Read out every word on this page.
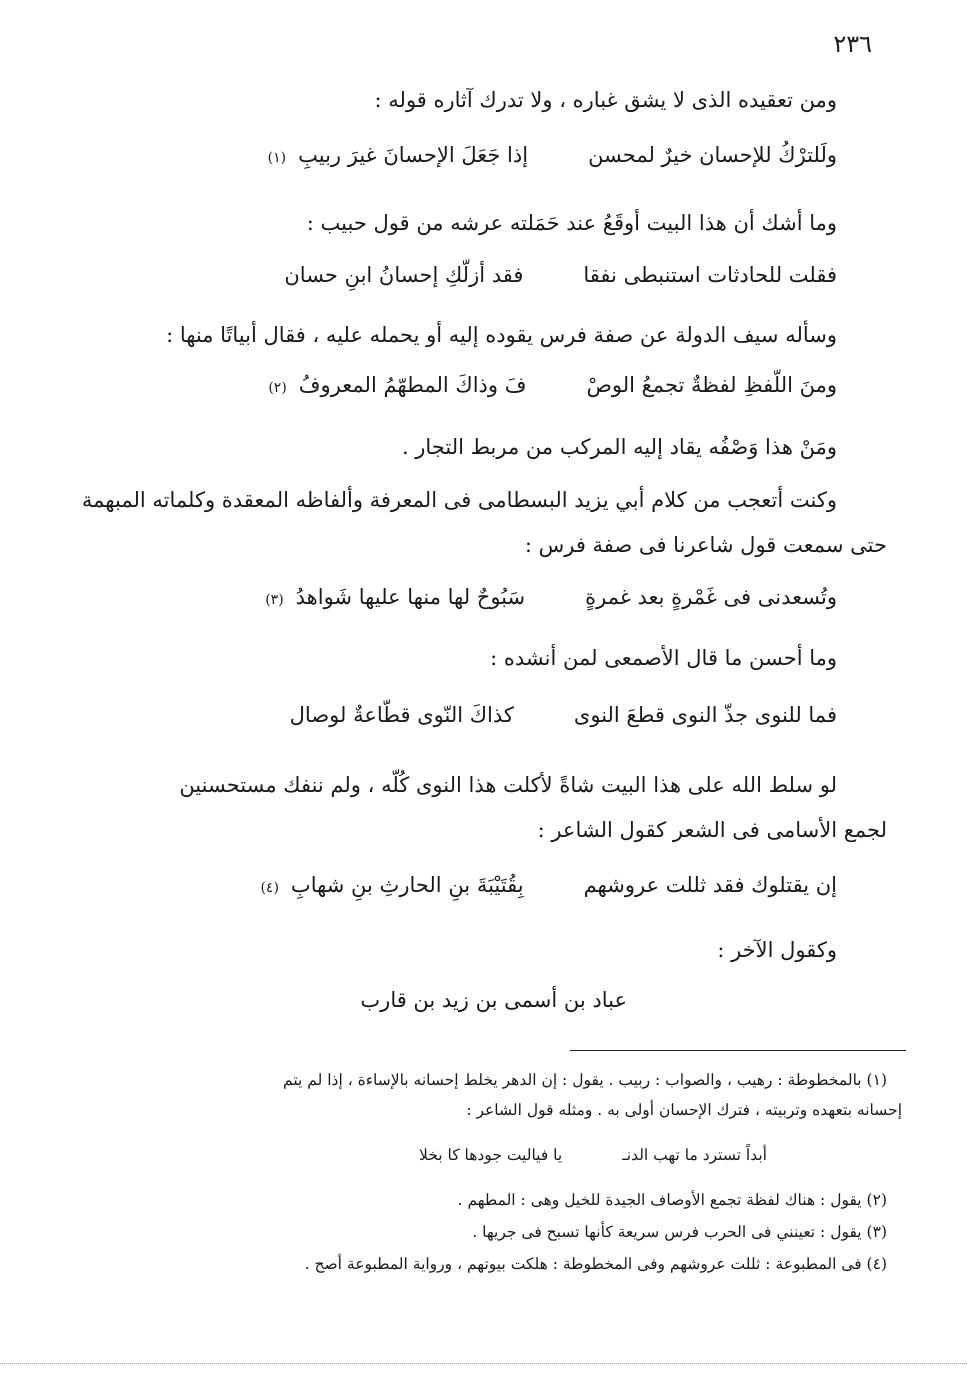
٢٣٦
ومن تعقيده الذى لا يشق غباره ، ولا تدرك آثاره قوله :
ولَلترْكُ للإحسان خيرٌ لمحسن
إذا جَعَلَ الإحسانَ غيرَ ربيبِ
(١)
وما أشك أن هذا البيت أوقَعُ عند حَمَلته عرشه من قول حبيب :
فقلت للحادثات استنبطى نفقا
فقد أزلّكِ إحسانُ ابنِ حسان
وسأله سيف الدولة عن صفة فرس يقوده إليه أو يحمله عليه ، فقال أبياتًا منها :
ومنَ اللّفظِ لفظةٌ تجمعُ الوصْ
فَ وذاكَ المطهّمُ المعروفُ
(٢)
ومَنْ هذا وَصْفُه يقاد إليه المركب من مربط التجار .
وكنت أتعجب من كلام أبي يزيد البسطامى فى المعرفة وألفاظه المعقدة وكلماته المبهمة
حتى سمعت قول شاعرنا فى صفة فرس :
وتُسعدنى فى غَمْرةٍ بعد غمرةٍ
سَبُوحٌ لها منها عليها شَواهدُ
(٣)
وما أحسن ما قال الأصمعى لمن أنشده :
فما للنوى جذّ النوى قطعَ النوى
كذاكَ النّوى قطّاعةٌ لوصال
لو سلط الله على هذا البيت شاةً لأكلت هذا النوى كُلّه ، ولم ننفك مستحسنين
لجمع الأسامى فى الشعر كقول الشاعر :
إن يقتلوك فقد ثللت عروشهم
بِقُتَيْبَةَ بنِ الحارثِ بنِ شهابِ
(٤)
وكقول الآخر :
عباد بن أسمى بن زيد بن قارب
(١) بالمخطوطة : رهيب ، والصواب : ربيب . يقول : إن الدهر يخلط إحسانه بالإساءة ، إذا لم يتم
إحسانه بتعهده وتربيته ، فترك الإحسان أولى به . ومثله قول الشاعر :
أبداً تسترد ما تهب الدنـ
يا فياليت جودها كا بخلا
(٢) يقول : هناك لفظة تجمع الأوصاف الجيدة للخيل وهى : المطهم .
(٣) يقول : تعينني فى الحرب فرس سريعة كأنها تسبح فى جريها .
(٤) فى المطبوعة : ثللت عروشهم وفى المخطوطة : هلكت بيوتهم ، ورواية المطبوعة أصح .
